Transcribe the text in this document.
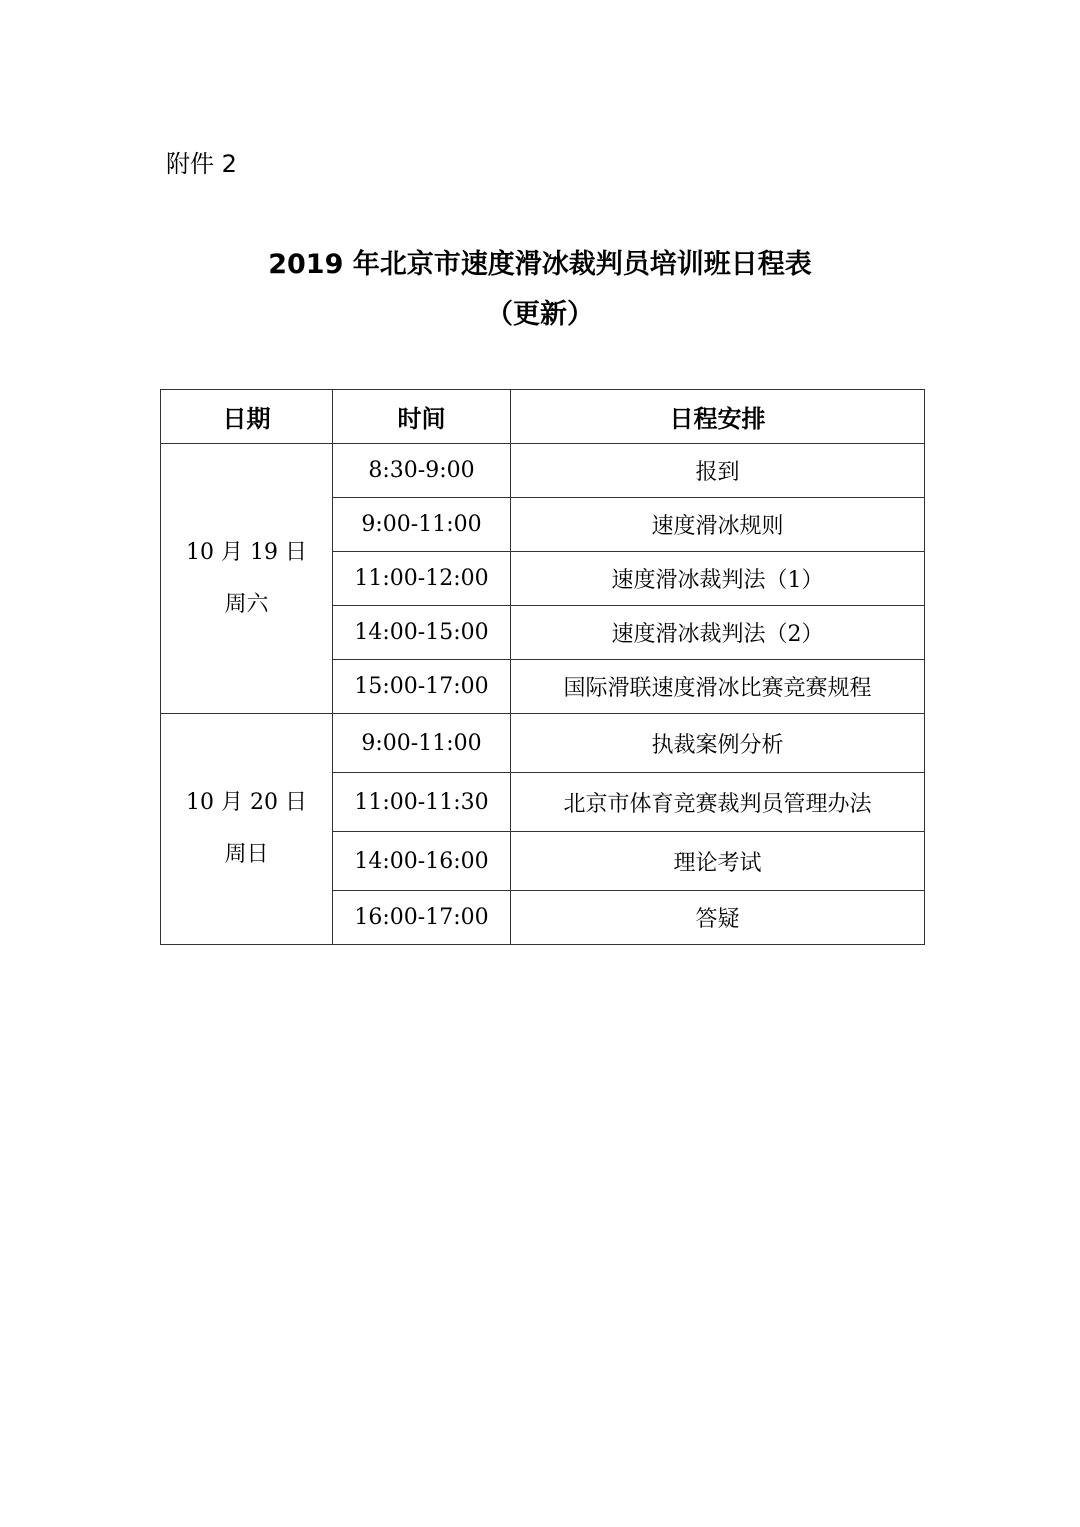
附件 2
2019 年北京市速度滑冰裁判员培训班日程表
（更新）
日期	时间	日程安排

10 月 19 日
周六	8:30-9:00	报到
	9:00-11:00	速度滑冰规则
	11:00-12:00	速度滑冰裁判法（1）
	14:00-15:00	速度滑冰裁判法（2）
	15:00-17:00	国际滑联速度滑冰比赛竞赛规程

10 月 20 日
周日	9:00-11:00	执裁案例分析
	11:00-11:30	北京市体育竞赛裁判员管理办法
	14:00-16:00	理论考试
	16:00-17:00	答疑
